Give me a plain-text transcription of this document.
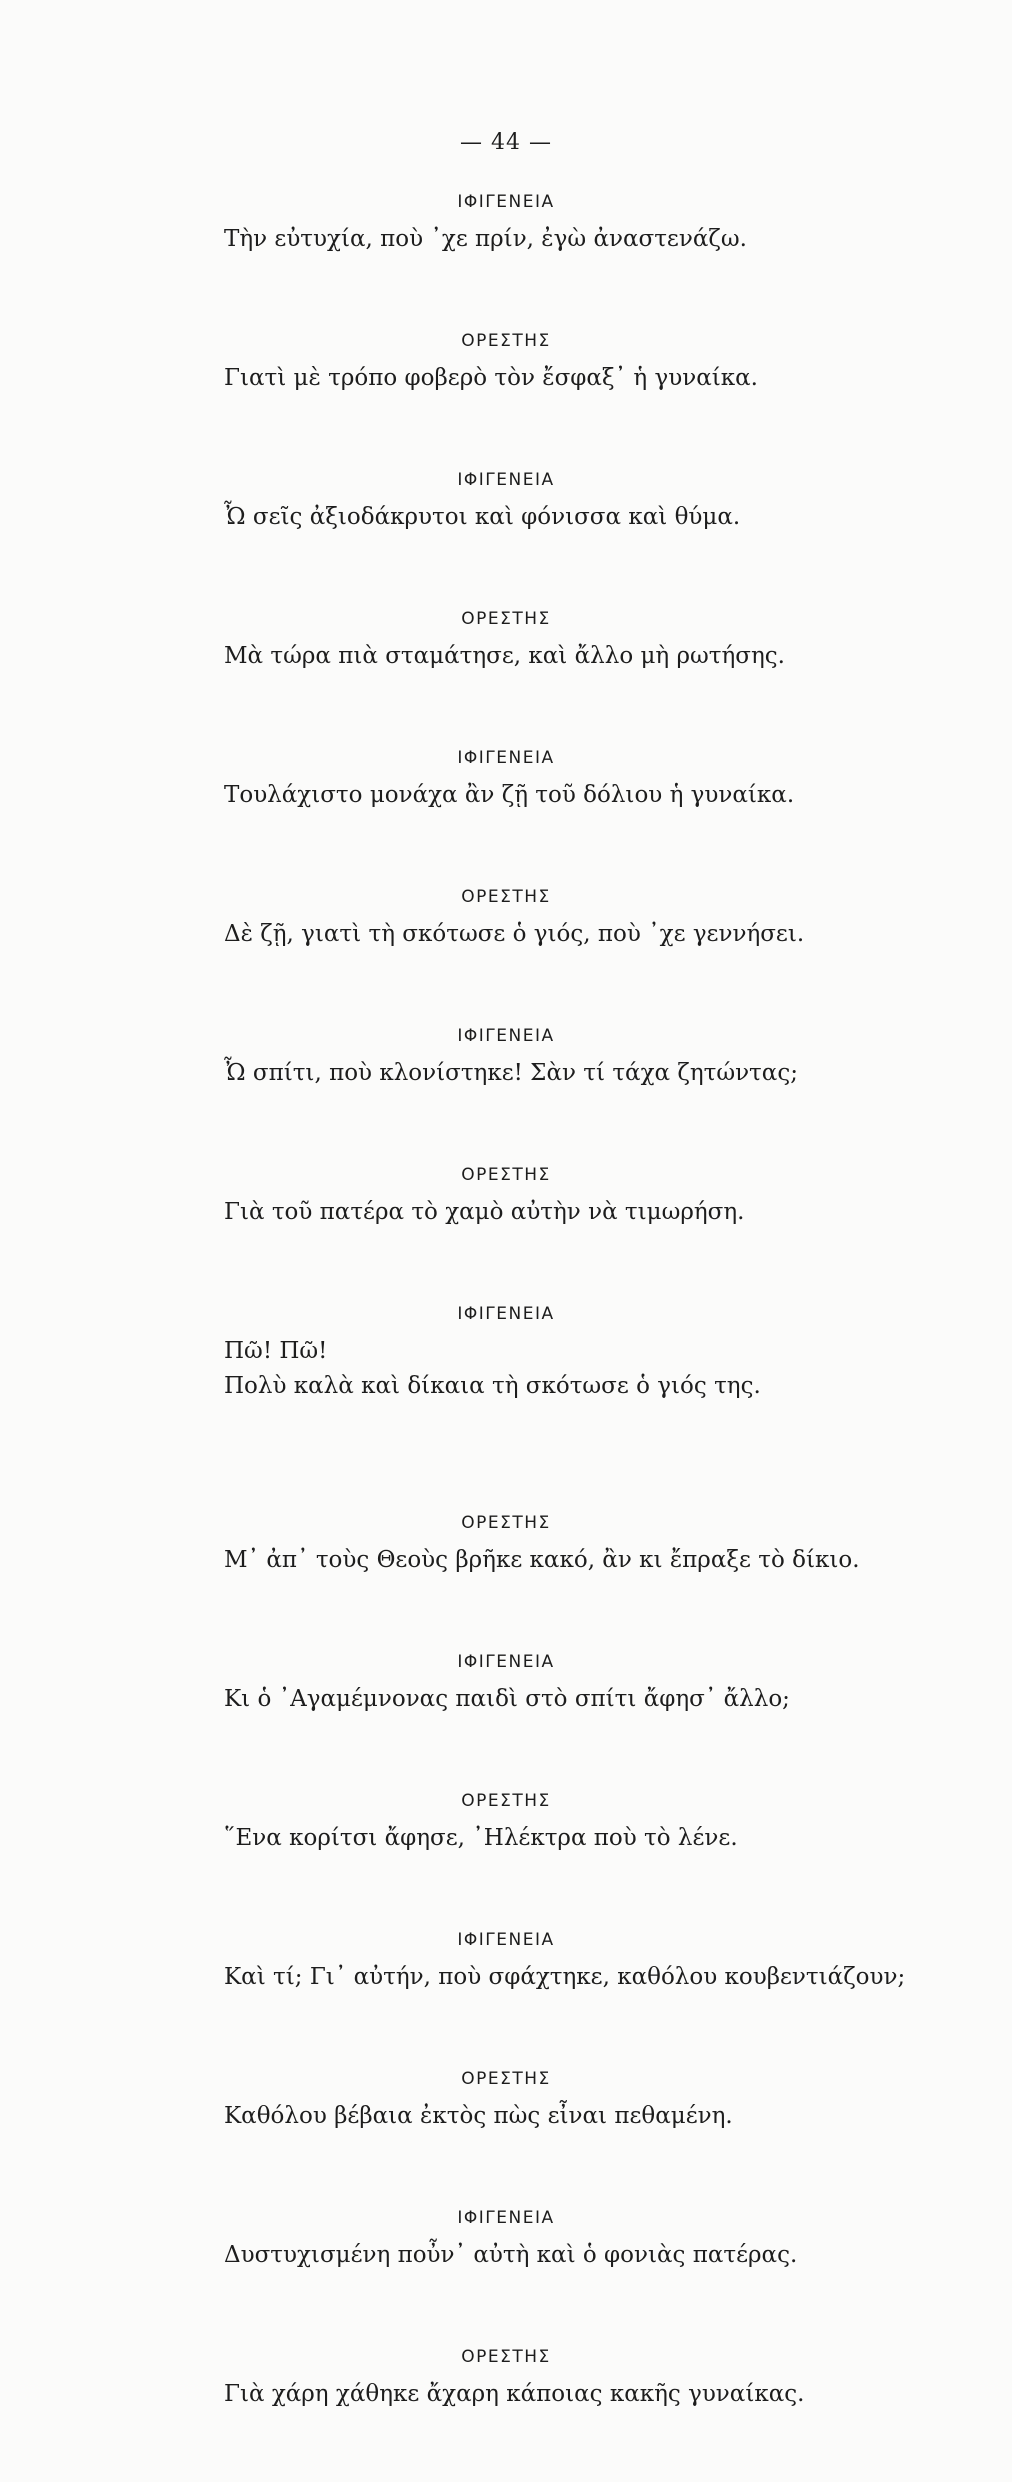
— 44 —
ΙΦΙΓΕΝΕΙΑ
Τὴν εὐτυχία, ποὺ ᾽χε πρίν, ἐγὼ ἀναστενάζω.
ΟΡΕΣΤΗΣ
Γιατὶ μὲ τρόπο φοβερὸ τὸν ἔσφαξ᾽ ἡ γυναίκα.
ΙΦΙΓΕΝΕΙΑ
Ὦ σεῖς ἀξιοδάκρυτοι καὶ φόνισσα καὶ θύμα.
ΟΡΕΣΤΗΣ
Μὰ τώρα πιὰ σταμάτησε, καὶ ἄλλο μὴ ρωτήσης.
ΙΦΙΓΕΝΕΙΑ
Τουλάχιστο μονάχα ἂν ζῇ τοῦ δόλιου ἡ γυναίκα.
ΟΡΕΣΤΗΣ
Δὲ ζῇ, γιατὶ τὴ σκότωσε ὁ γιός, ποὺ ᾽χε γεννήσει.
ΙΦΙΓΕΝΕΙΑ
Ὦ σπίτι, ποὺ κλονίστηκε! Σὰν τί τάχα ζητώντας;
ΟΡΕΣΤΗΣ
Γιὰ τοῦ πατέρα τὸ χαμὸ αὐτὴν νὰ τιμωρήση.
ΙΦΙΓΕΝΕΙΑ
Πῶ! Πῶ!
Πολὺ καλὰ καὶ δίκαια τὴ σκότωσε ὁ γιός της.
ΟΡΕΣΤΗΣ
Μ᾽ ἀπ᾽ τοὺς Θεοὺς βρῆκε κακό, ἂν κι ἔπραξε τὸ δίκιο.
ΙΦΙΓΕΝΕΙΑ
Κι ὁ ᾽Αγαμέμνονας παιδὶ στὸ σπίτι ἄφησ᾽ ἄλλο;
ΟΡΕΣΤΗΣ
῞Ενα κορίτσι ἄφησε, ᾽Ηλέκτρα ποὺ τὸ λένε.
ΙΦΙΓΕΝΕΙΑ
Καὶ τί; Γι᾽ αὐτήν, ποὺ σφάχτηκε, καθόλου κουβεντιάζουν;
ΟΡΕΣΤΗΣ
Καθόλου βέβαια ἐκτὸς πὼς εἶναι πεθαμένη.
ΙΦΙΓΕΝΕΙΑ
Δυστυχισμένη ποὖν᾽ αὐτὴ καὶ ὁ φονιὰς πατέρας.
ΟΡΕΣΤΗΣ
Γιὰ χάρη χάθηκε ἄχαρη κάποιας κακῆς γυναίκας.
